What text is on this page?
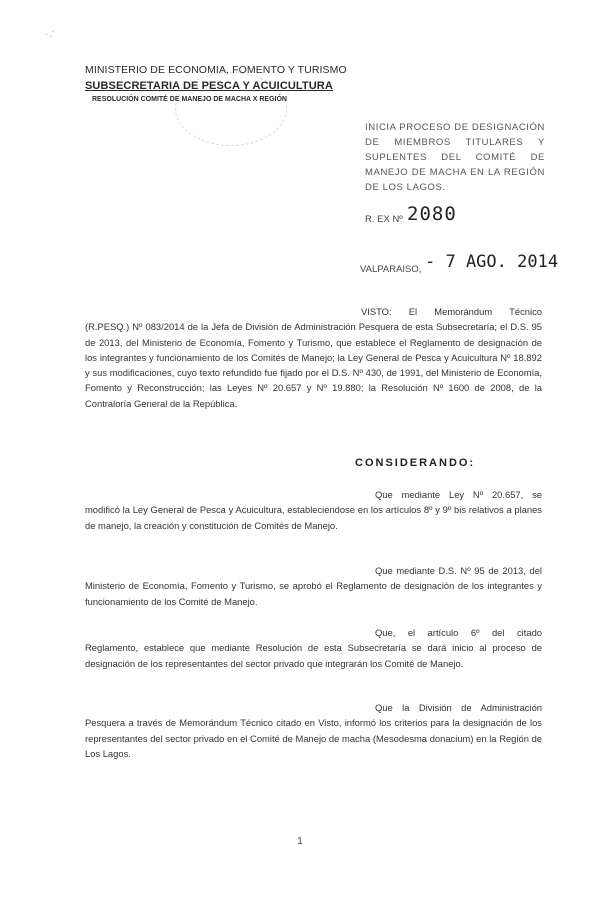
· .´
MINISTERIO DE ECONOMIA, FOMENTO Y TURISMO
SUBSECRETARIA DE PESCA Y ACUICULTURA
RESOLUCIÓN COMITÉ DE MANEJO DE MACHA X REGIÓN
INICIA PROCESO DE DESIGNACIÓN DE MIEMBROS TITULARES Y SUPLENTES DEL COMITÉ DE MANEJO DE MACHA EN LA REGIÓN DE LOS LAGOS.
R. EX Nº 2080
VALPARAISO, - 7 AGO. 2014
VISTO: El Memorándum Técnico (R.PESQ.) Nº 083/2014 de la Jefa de División de Administración Pesquera de esta Subsecretaría; el D.S. 95 de 2013, del Ministerio de Economía, Fomento y Turismo, que establece el Reglamento de designación de los integrantes y funcionamiento de los Comités de Manejo; la Ley General de Pesca y Acuicultura Nº 18.892 y sus modificaciones, cuyo texto refundido fue fijado por el D.S. Nº 430, de 1991, del Ministerio de Economía, Fomento y Reconstrucción; las Leyes Nº 20.657 y Nº 19.880; la Resolución Nº 1600 de 2008, de la Contraloría General de la República.
CONSIDERANDO:
Que mediante Ley Nº 20.657, se modificó la Ley General de Pesca y Acuicultura, estableciendose en los artículos 8º y 9º bis relativos a planes de manejo, la creación y constitución de Comités de Manejo.
Que mediante D.S. Nº 95 de 2013, del Ministerio de Economía, Fomento y Turismo, se aprobó el Reglamento de designación de los integrantes y funcionamiento de los Comité de Manejo.
Que, el artículo 6º del citado Reglamento, establece que mediante Resolución de esta Subsecretaría se dará inicio al proceso de designación de los representantes del sector privado que integrarán los Comité de Manejo.
Que la División de Administración Pesquera a través de Memorándum Técnico citado en Visto, informó los criterios para la designación de los representantes del sector privado en el Comité de Manejo de macha (Mesodesma donacium) en la Región de Los Lagos.
1
